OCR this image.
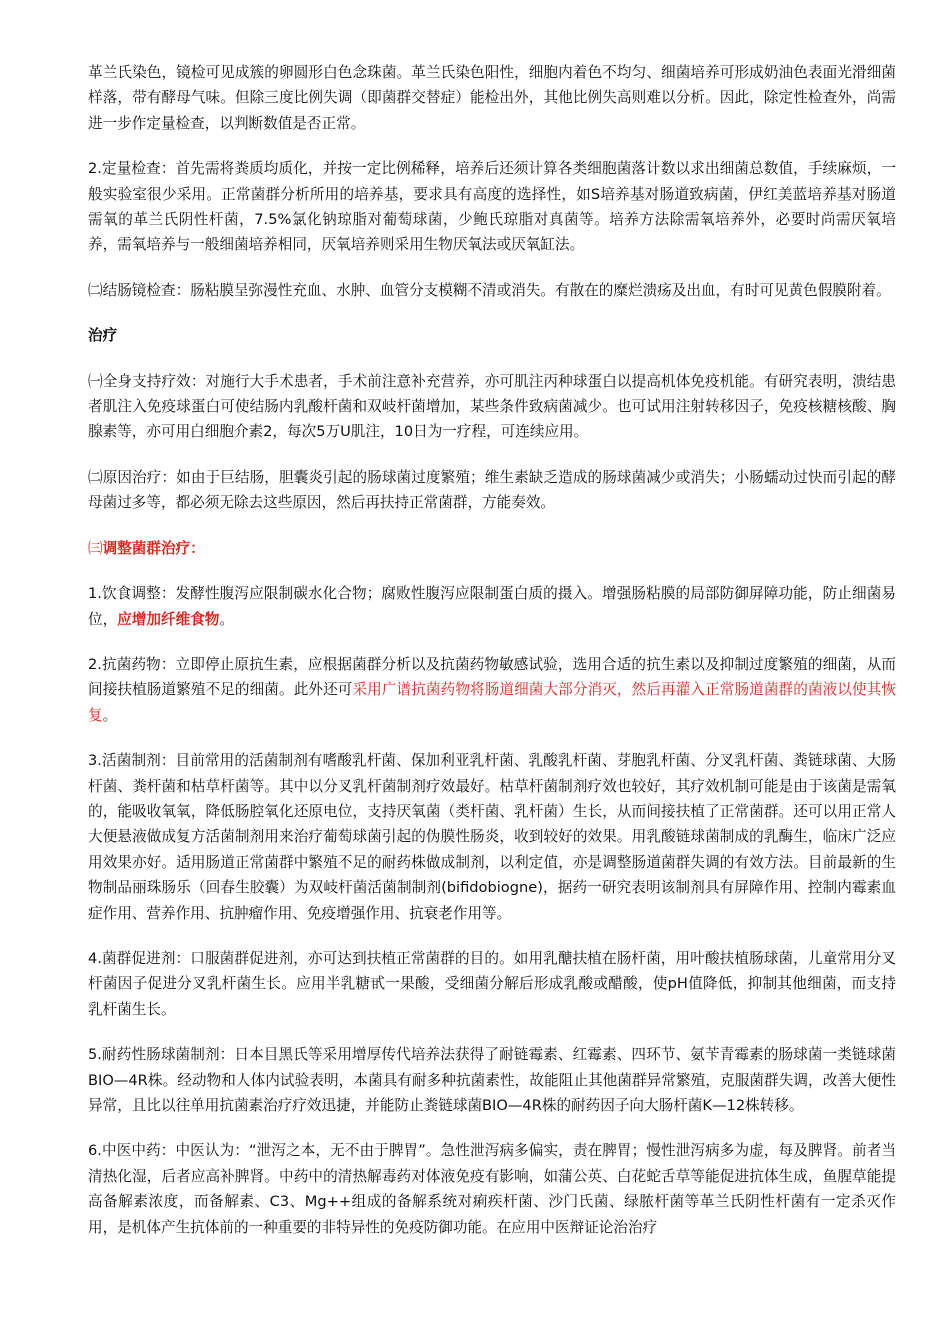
革兰氏染色，镜检可见成簇的卵圆形白色念珠菌。革兰氏染色阳性，细胞内着色不均匀、细菌培养可形成奶油色表面光滑细菌样落，带有酵母气味。但除三度比例失调（即菌群交替症）能检出外，其他比例失高则难以分析。因此，除定性检查外，尚需进一步作定量检查，以判断数值是否正常。

2.定量检查：首先需将粪质均质化，并按一定比例稀释，培养后还须计算各类细胞菌落计数以求出细菌总数值，手续麻烦，一般实验室很少采用。正常菌群分析所用的培养基，要求具有高度的选择性，如S培养基对肠道致病菌，伊红美蓝培养基对肠道需氧的革兰氏阴性杆菌，7.5%氯化钠琼脂对葡萄球菌，少鲍氏琼脂对真菌等。培养方法除需氧培养外，必要时尚需厌氧培养，需氧培养与一般细菌培养相同，厌氧培养则采用生物厌氧法或厌氧缸法。

㈡结肠镜检查：肠粘膜呈弥漫性充血、水肿、血管分支模糊不清或消失。有散在的糜烂溃疡及出血，有时可见黄色假膜附着。

治疗

㈠全身支持疗效：对施行大手术患者，手术前注意补充营养，亦可肌注丙种球蛋白以提高机体免疫机能。有研究表明，溃结患者肌注入免疫球蛋白可使结肠内乳酸杆菌和双岐杆菌增加，某些条件致病菌减少。也可试用注射转移因子，免疫核糖核酸、胸腺素等，亦可用白细胞介素2，每次5万U肌注，10日为一疗程，可连续应用。

㈡原因治疗：如由于巨结肠，胆囊炎引起的肠球菌过度繁殖；维生素缺乏造成的肠球菌减少或消失；小肠蠕动过快而引起的酵母菌过多等，都必须无除去这些原因，然后再扶持正常菌群，方能奏效。

㈢调整菌群治疗：

1.饮食调整：发酵性腹泻应限制碳水化合物；腐败性腹泻应限制蛋白质的摄入。增强肠粘膜的局部防御屏障功能，防止细菌易位，应增加纤维食物。

2.抗菌药物：立即停止原抗生素，应根据菌群分析以及抗菌药物敏感试验，选用合适的抗生素以及抑制过度繁殖的细菌，从而间接扶植肠道繁殖不足的细菌。此外还可采用广谱抗菌药物将肠道细菌大部分消灭，然后再灌入正常肠道菌群的菌液以使其恢复。

3.活菌制剂：目前常用的活菌制剂有嗜酸乳杆菌、保加利亚乳杆菌、乳酸乳杆菌、芽胞乳杆菌、分叉乳杆菌、粪链球菌、大肠杆菌、粪杆菌和枯草杆菌等。其中以分叉乳杆菌制剂疗效最好。枯草杆菌制剂疗效也较好，其疗效机制可能是由于该菌是需氧的，能吸收氧氧，降低肠腔氧化还原电位，支持厌氧菌（类杆菌、乳杆菌）生长，从而间接扶植了正常菌群。还可以用正常人大便悬液做成复方活菌制剂用来治疗葡萄球菌引起的伪膜性肠炎，收到较好的效果。用乳酸链球菌制成的乳酶生，临床广泛应用效果亦好。适用肠道正常菌群中繁殖不足的耐药株做成制剂，以利定值，亦是调整肠道菌群失调的有效方法。目前最新的生物制品丽珠肠乐（回春生胶囊）为双岐杆菌活菌制制剂(bifidobiogne)，据药一研究表明该制剂具有屏障作用、控制内霉素血症作用、营养作用、抗肿瘤作用、免疫增强作用、抗衰老作用等。

4.菌群促进剂：口服菌群促进剂，亦可达到扶植正常菌群的目的。如用乳醣扶植在肠杆菌，用叶酸扶植肠球菌，儿童常用分叉杆菌因子促进分叉乳杆菌生长。应用半乳糖甙一果酸，受细菌分解后形成乳酸或醋酸，使pH值降低，抑制其他细菌，而支持乳杆菌生长。

5.耐药性肠球菌制剂：日本目黑氏等采用增厚传代培养法获得了耐链霉素、红霉素、四环节、氨苄青霉素的肠球菌一类链球菌BIO—4R株。经动物和人体内试验表明，本菌具有耐多种抗菌素性，故能阻止其他菌群异常繁殖，克服菌群失调，改善大便性异常，且比以往单用抗菌素治疗疗效迅捷，并能防止粪链球菌BIO—4R株的耐药因子向大肠杆菌K—12株转移。

6.中医中药：中医认为：“泄泻之本，无不由于脾胃”。急性泄泻病多偏实，责在脾胃；慢性泄泻病多为虚，每及脾肾。前者当清热化湿，后者应高补脾肾。中药中的清热解毒药对体液免疫有影响，如蒲公英、白花蛇舌草等能促进抗体生成，鱼腥草能提高备解素浓度，而备解素、C3、Mg++组成的备解系统对痢疾杆菌、沙门氏菌、绿脓杆菌等革兰氏阴性杆菌有一定杀灭作用，是机体产生抗体前的一种重要的非特异性的免疫防御功能。在应用中医辩证论治治疗
